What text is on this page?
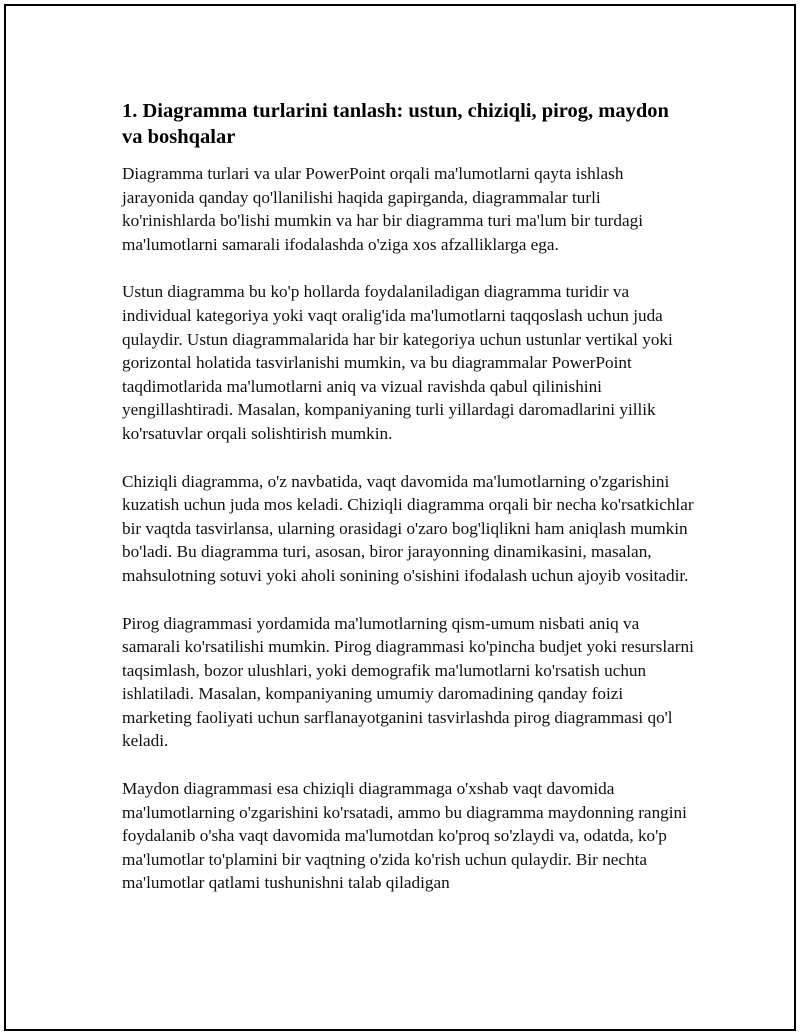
1. Diagramma turlarini tanlash: ustun, chiziqli, pirog, maydon va boshqalar

Diagramma turlari va ular PowerPoint orqali ma'lumotlarni qayta ishlash jarayonida qanday qo'llanilishi haqida gapirganda, diagrammalar turli ko'rinishlarda bo'lishi mumkin va har bir diagramma turi ma'lum bir turdagi ma'lumotlarni samarali ifodalashda o'ziga xos afzalliklarga ega.

Ustun diagramma bu ko'p hollarda foydalaniladigan diagramma turidir va individual kategoriya yoki vaqt oralig'ida ma'lumotlarni taqqoslash uchun juda qulaydir. Ustun diagrammalarida har bir kategoriya uchun ustunlar vertikal yoki gorizontal holatida tasvirlanishi mumkin, va bu diagrammalar PowerPoint taqdimotlarida ma'lumotlarni aniq va vizual ravishda qabul qilinishini yengillashtiradi. Masalan, kompaniyaning turli yillardagi daromadlarini yillik ko'rsatuvlar orqali solishtirish mumkin.

Chiziqli diagramma, o'z navbatida, vaqt davomida ma'lumotlarning o'zgarishini kuzatish uchun juda mos keladi. Chiziqli diagramma orqali bir necha ko'rsatkichlar bir vaqtda tasvirlansa, ularning orasidagi o'zaro bog'liqlikni ham aniqlash mumkin bo'ladi. Bu diagramma turi, asosan, biror jarayonning dinamikasini, masalan, mahsulotning sotuvi yoki aholi sonining o'sishini ifodalash uchun ajoyib vositadir.

Pirog diagrammasi yordamida ma'lumotlarning qism-umum nisbati aniq va samarali ko'rsatilishi mumkin. Pirog diagrammasi ko'pincha budjet yoki resurslarni taqsimlash, bozor ulushlari, yoki demografik ma'lumotlarni ko'rsatish uchun ishlatiladi. Masalan, kompaniyaning umumiy daromadining qanday foizi marketing faoliyati uchun sarflanayotganini tasvirlashda pirog diagrammasi qo'l keladi.

Maydon diagrammasi esa chiziqli diagrammaga o'xshab vaqt davomida ma'lumotlarning o'zgarishini ko'rsatadi, ammo bu diagramma maydonning rangini foydalanib o'sha vaqt davomida ma'lumotdan ko'proq so'zlaydi va, odatda, ko'p ma'lumotlar to'plamini bir vaqtning o'zida ko'rish uchun qulaydir. Bir nechta ma'lumotlar qatlami tushunishni talab qiladigan
